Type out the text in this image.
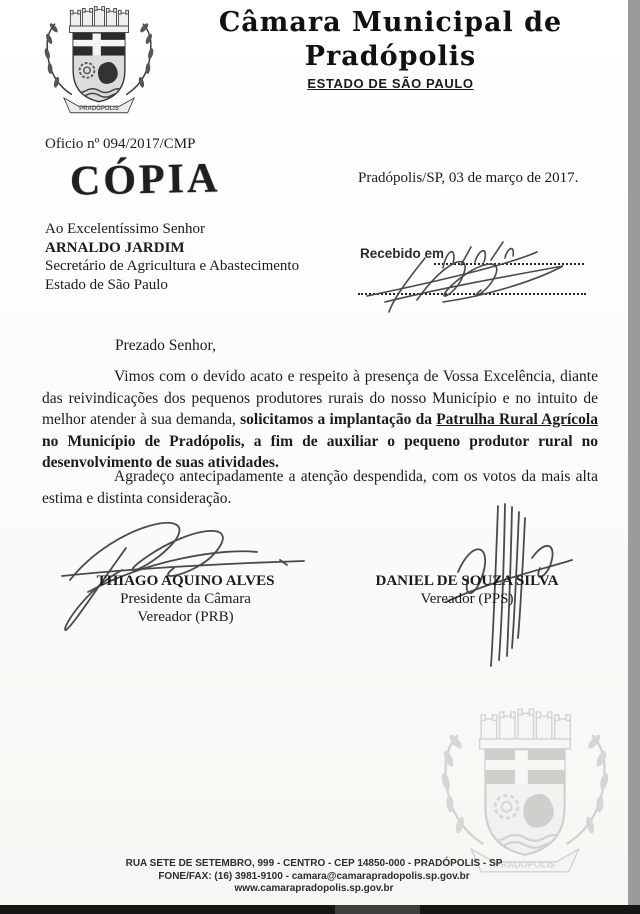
Câmara Municipal de Pradópolis
ESTADO DE SÃO PAULO
Oficio nº 094/2017/CMP
CÓPIA	Pradópolis/SP, 03 de março de 2017.
Ao Excelentíssimo Senhor
ARNALDO JARDIM
Secretário de Agricultura e Abastecimento
Estado de São Paulo
Recebido em
Prezado Senhor,
Vimos com o devido acato e respeito à presença de Vossa Excelência, diante das reivindicações dos pequenos produtores rurais do nosso Município e no intuito de melhor atender à sua demanda, solicitamos a implantação da Patrulha Rural Agrícola no Município de Pradópolis, a fim de auxiliar o pequeno produtor rural no desenvolvimento de suas atividades.
Agradeço antecipadamente a atenção despendida, com os votos da mais alta estima e distinta consideração.
THIAGO AQUINO ALVES
Presidente da Câmara
Vereador (PRB)
DANIEL DE SOUZA SILVA
Vereador (PPS)
RUA SETE DE SETEMBRO, 999 - CENTRO - CEP 14850-000 - PRADÓPOLIS - SP
FONE/FAX: (16) 3981-9100 - camara@camarapradopolis.sp.gov.br
www.camarapradopolis.sp.gov.br
